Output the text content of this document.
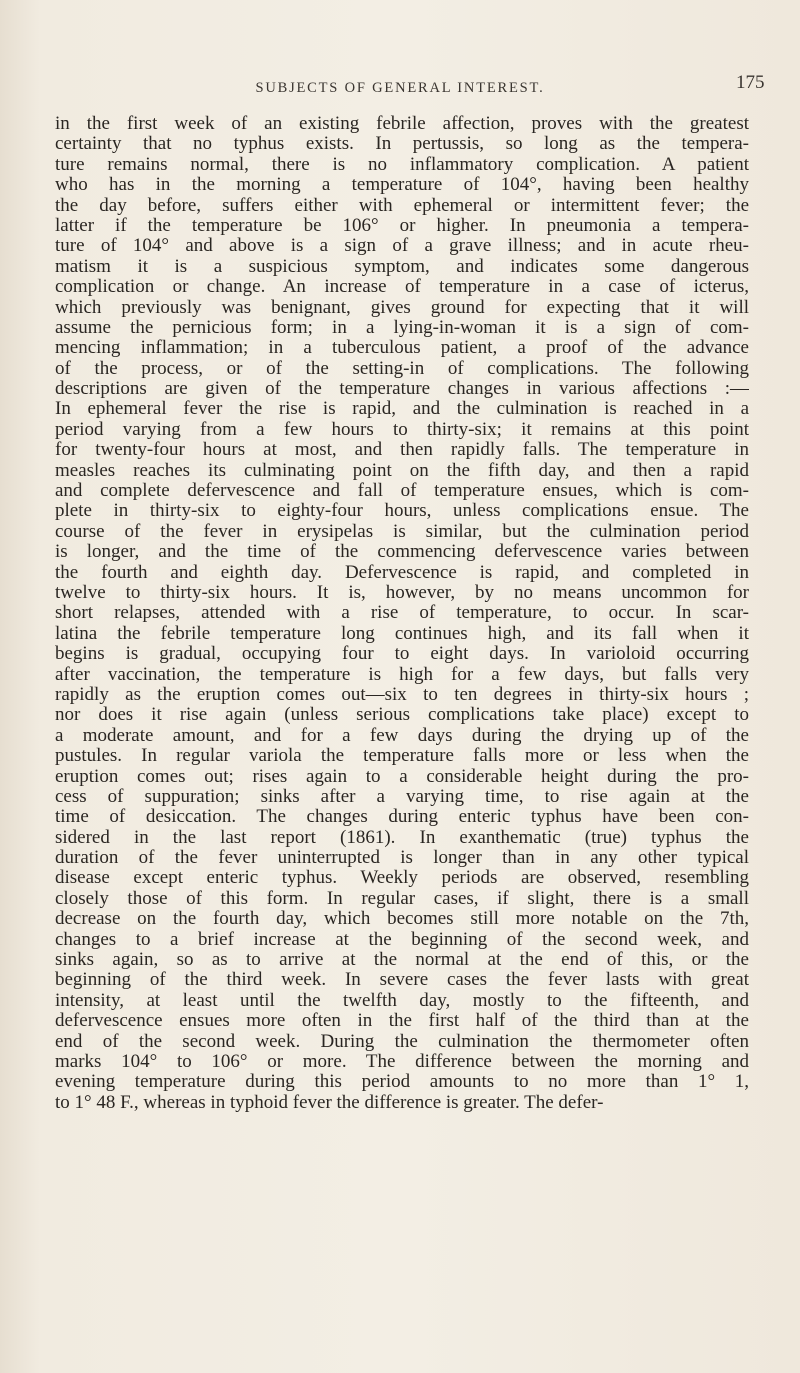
SUBJECTS OF GENERAL INTEREST.	175
in the first week of an existing febrile affection, proves with the greatest
certainty that no typhus exists. In pertussis, so long as the tempera-
ture remains normal, there is no inflammatory complication. A patient
who has in the morning a temperature of 104°, having been healthy
the day before, suffers either with ephemeral or intermittent fever; the
latter if the temperature be 106° or higher. In pneumonia a tempera-
ture of 104° and above is a sign of a grave illness; and in acute rheu-
matism it is a suspicious symptom, and indicates some dangerous
complication or change. An increase of temperature in a case of icterus,
which previously was benignant, gives ground for expecting that it will
assume the pernicious form; in a lying-in-woman it is a sign of com-
mencing inflammation; in a tuberculous patient, a proof of the advance
of the process, or of the setting-in of complications. The following
descriptions are given of the temperature changes in various affections :—
In ephemeral fever the rise is rapid, and the culmination is reached in a
period varying from a few hours to thirty-six; it remains at this point
for twenty-four hours at most, and then rapidly falls. The temperature in
measles reaches its culminating point on the fifth day, and then a rapid
and complete defervescence and fall of temperature ensues, which is com-
plete in thirty-six to eighty-four hours, unless complications ensue. The
course of the fever in erysipelas is similar, but the culmination period
is longer, and the time of the commencing defervescence varies between
the fourth and eighth day. Defervescence is rapid, and completed in
twelve to thirty-six hours. It is, however, by no means uncommon for
short relapses, attended with a rise of temperature, to occur. In scar-
latina the febrile temperature long continues high, and its fall when it
begins is gradual, occupying four to eight days. In varioloid occurring
after vaccination, the temperature is high for a few days, but falls very
rapidly as the eruption comes out—six to ten degrees in thirty-six hours ;
nor does it rise again (unless serious complications take place) except to
a moderate amount, and for a few days during the drying up of the
pustules. In regular variola the temperature falls more or less when the
eruption comes out; rises again to a considerable height during the pro-
cess of suppuration; sinks after a varying time, to rise again at the
time of desiccation. The changes during enteric typhus have been con-
sidered in the last report (1861). In exanthematic (true) typhus the
duration of the fever uninterrupted is longer than in any other typical
disease except enteric typhus. Weekly periods are observed, resembling
closely those of this form. In regular cases, if slight, there is a small
decrease on the fourth day, which becomes still more notable on the 7th,
changes to a brief increase at the beginning of the second week, and
sinks again, so as to arrive at the normal at the end of this, or the
beginning of the third week. In severe cases the fever lasts with great
intensity, at least until the twelfth day, mostly to the fifteenth, and
defervescence ensues more often in the first half of the third than at the
end of the second week. During the culmination the thermometer often
marks 104° to 106° or more. The difference between the morning and
evening temperature during this period amounts to no more than 1° 1,
to 1° 48 F., whereas in typhoid fever the difference is greater. The defer-
